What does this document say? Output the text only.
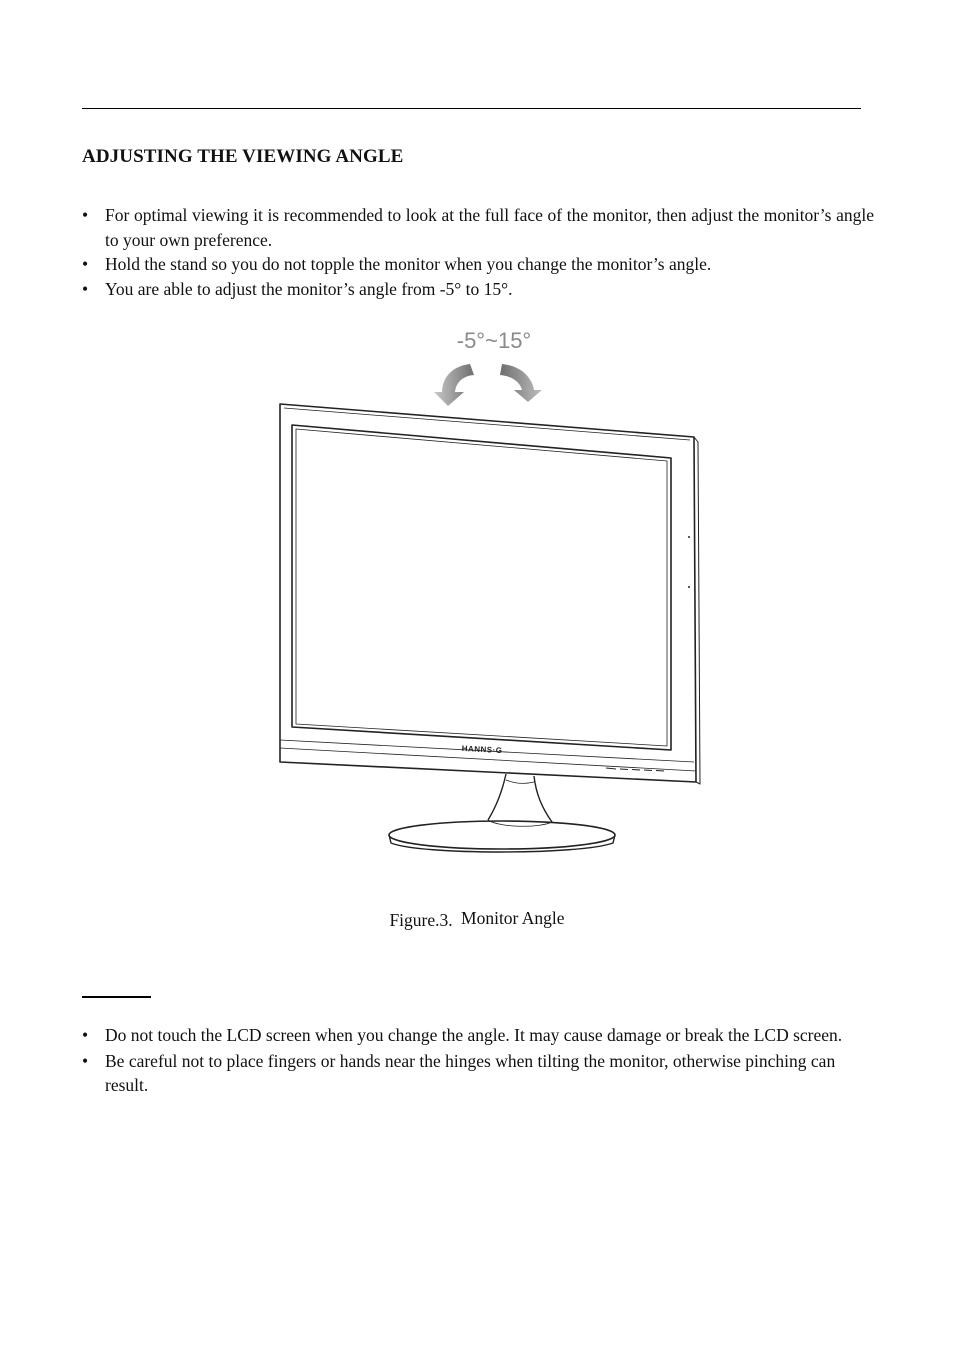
ADJUSTING THE VIEWING ANGLE
• For optimal viewing it is recommended to look at the full face of the monitor, then adjust the monitor’s angle to your own preference.
• Hold the stand so you do not topple the monitor when you change the monitor’s angle.
• You are able to adjust the monitor’s angle from -5° to 15°.
-5°~15°
HANNS·G
Figure.3. Monitor Angle
• Do not touch the LCD screen when you change the angle. It may cause damage or break the LCD screen.
• Be careful not to place fingers or hands near the hinges when tilting the monitor, otherwise pinching can result.
